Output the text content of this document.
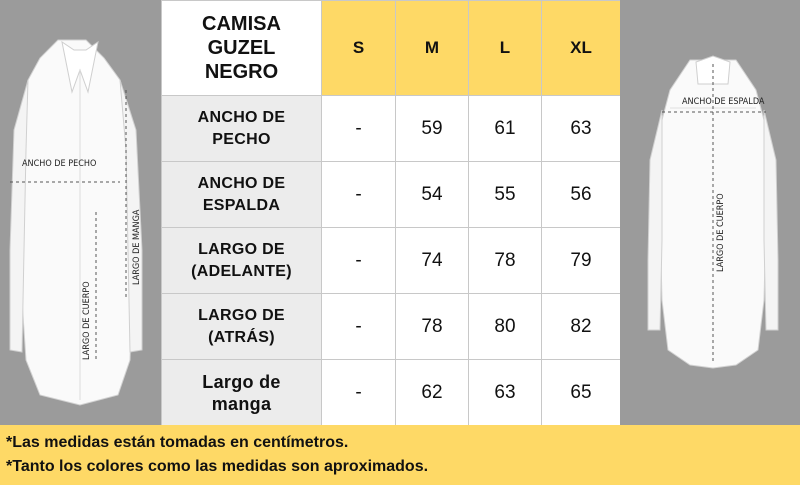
ANCHO DE PECHO
LARGO DE MANGA
LARGO DE CUERPO
CAMISA
GUZEL
NEGRO	S	M	L	XL
ANCHO DE
PECHO	-	59	61	63
ANCHO DE
ESPALDA	-	54	55	56
LARGO DE
(ADELANTE)	-	74	78	79
LARGO DE
(ATRÁS)	-	78	80	82
Largo de
manga	-	62	63	65
ANCHO DE ESPALDA
LARGO DE CUERPO
*Las medidas están tomadas en centímetros.
*Tanto los colores como las medidas son aproximados.
